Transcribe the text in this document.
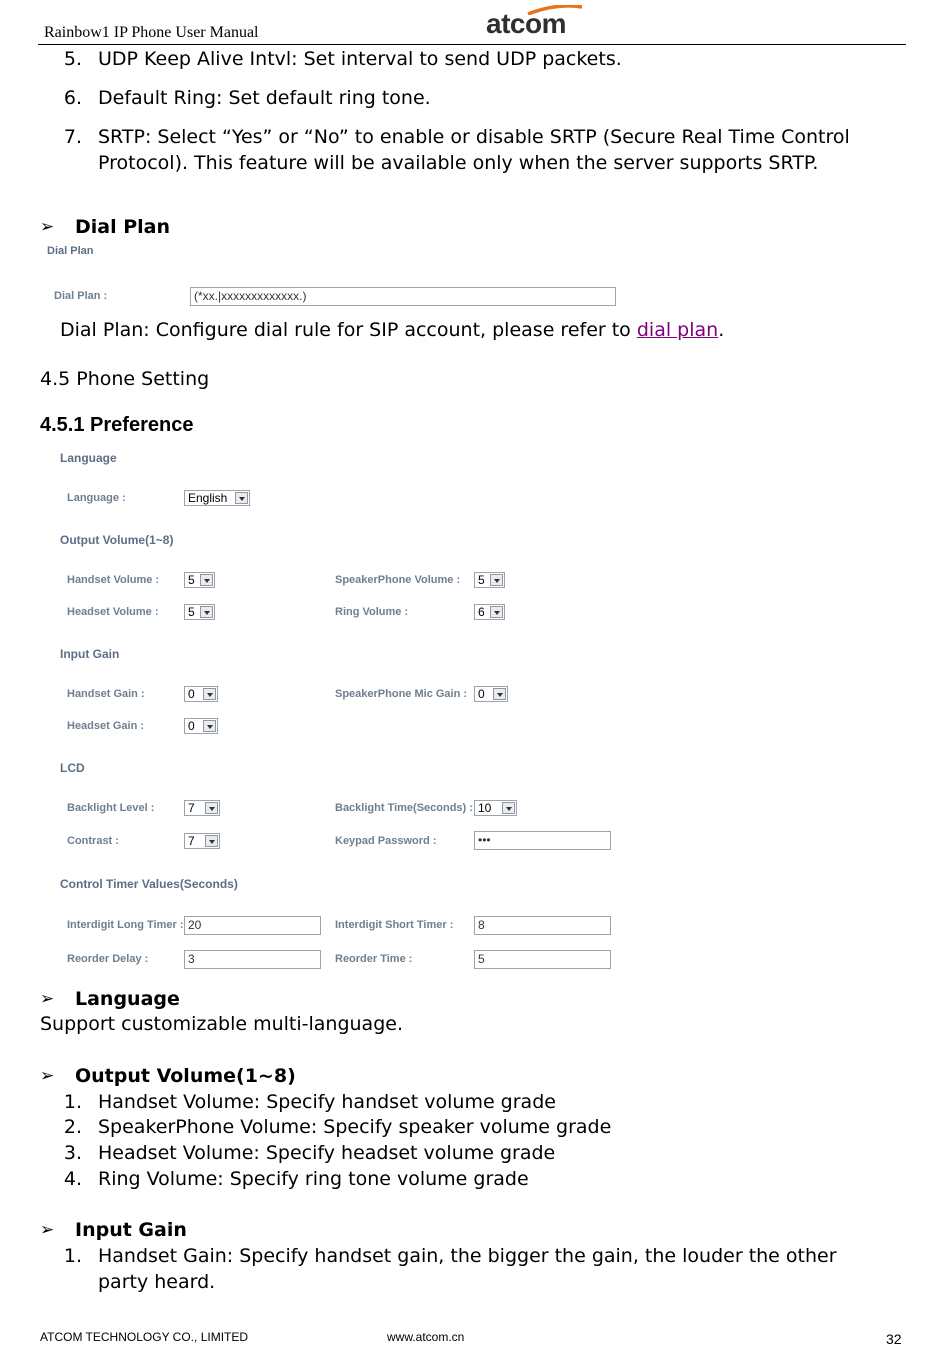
Rainbow1 IP Phone User Manual	atcom
5. UDP Keep Alive Intvl: Set interval to send UDP packets.
6. Default Ring: Set default ring tone.
7. SRTP: Select “Yes” or “No” to enable or disable SRTP (Secure Real Time Control
Protocol). This feature will be available only when the server supports SRTP.
➢ Dial Plan
Dial Plan
Dial Plan :	(*xx.|xxxxxxxxxxxxx.)
Dial Plan: Configure dial rule for SIP account, please refer to dial plan.
4.5 Phone Setting
4.5.1 Preference
Language
Language :	English
Output Volume(1~8)
Handset Volume : 5	SpeakerPhone Volume : 5
Headset Volume : 5	Ring Volume :	6
Input Gain
Handset Gain :	0	SpeakerPhone Mic Gain : 0
Headset Gain :	0
LCD
Backlight Level :	7	Backlight Time(Seconds) : 10
Contrast :	7	Keypad Password :	•••
Control Timer Values(Seconds)
Interdigit Long Timer : 20	Interdigit Short Timer :	8
Reorder Delay :	3	Reorder Time :	5
➢ Language
Support customizable multi-language.
➢ Output Volume(1~8)
1. Handset Volume: Specify handset volume grade
2. SpeakerPhone Volume: Specify speaker volume grade
3. Headset Volume: Specify headset volume grade
4. Ring Volume: Specify ring tone volume grade
➢ Input Gain
1. Handset Gain: Specify handset gain, the bigger the gain, the louder the other
party heard.
ATCOM TECHNOLOGY CO., LIMITED	www.atcom.cn	32
